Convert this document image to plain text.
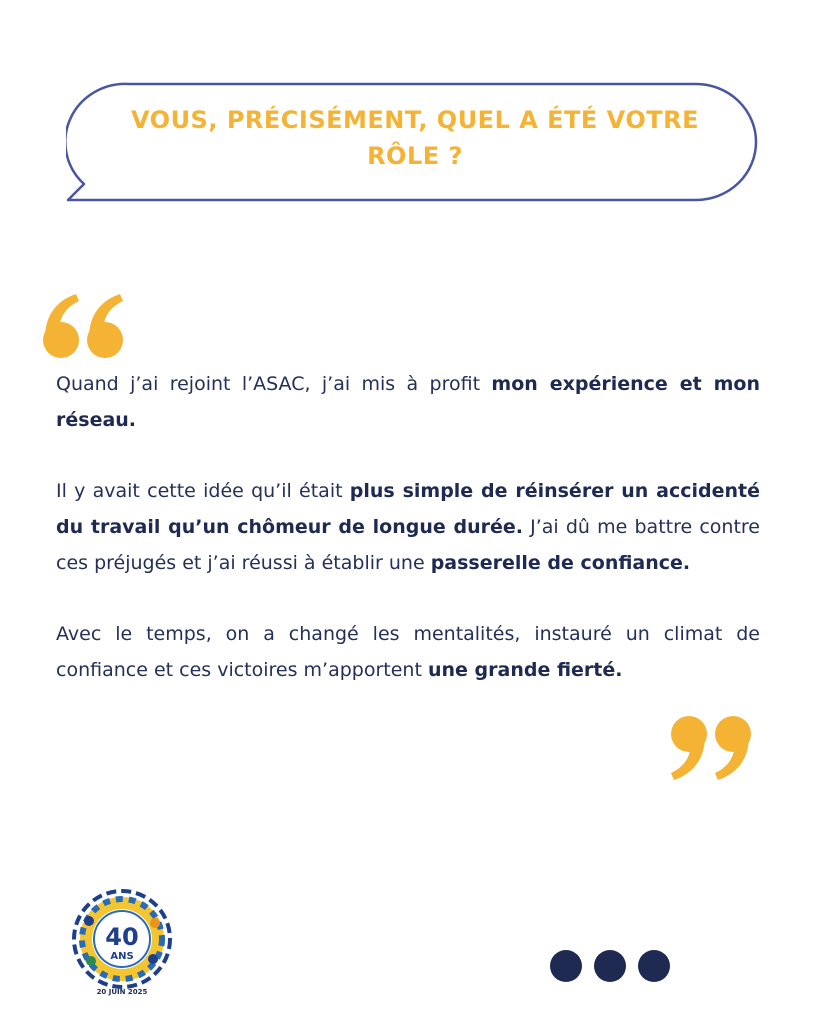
VOUS, PRÉCISÉMENT, QUEL A ÉTÉ VOTRE
RÔLE ?

Quand j’ai rejoint l’ASAC, j’ai mis à profit mon expérience et mon réseau.

Il y avait cette idée qu’il était plus simple de réinsérer un accidenté du travail qu’un chômeur de longue durée. J’ai dû me battre contre ces préjugés et j’ai réussi à établir une passerelle de confiance.

Avec le temps, on a changé les mentalités, instauré un climat de confiance et ces victoires m’apportent une grande fierté.

40
ANS
20 JUIN 2025
